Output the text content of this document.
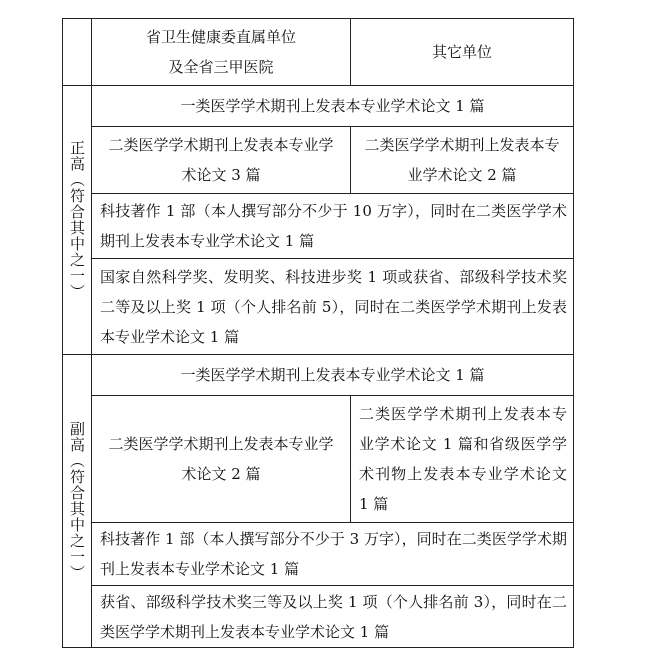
省卫生健康委直属单位
及全省三甲医院
其它单位
正高（符合其中之一）
一类医学学术期刊上发表本专业学术论文 1 篇
二类医学学术期刊上发表本专业学术论文 3 篇
二类医学学术期刊上发表本专业学术论文 2 篇
科技著作 1 部（本人撰写部分不少于 10 万字），同时在二类医学学术期刊上发表本专业学术论文 1 篇
国家自然科学奖、发明奖、科技进步奖 1 项或获省、部级科学技术奖二等及以上奖 1 项（个人排名前 5），同时在二类医学学术期刊上发表本专业学术论文 1 篇
副高（符合其中之一）
一类医学学术期刊上发表本专业学术论文 1 篇
二类医学学术期刊上发表本专业学术论文 2 篇
二类医学学术期刊上发表本专业学术论文 1 篇和省级医学学术刊物上发表本专业学术论文 1 篇
科技著作 1 部（本人撰写部分不少于 3 万字），同时在二类医学学术期刊上发表本专业学术论文 1 篇
获省、部级科学技术奖三等及以上奖 1 项（个人排名前 3），同时在二类医学学术期刊上发表本专业学术论文 1 篇
